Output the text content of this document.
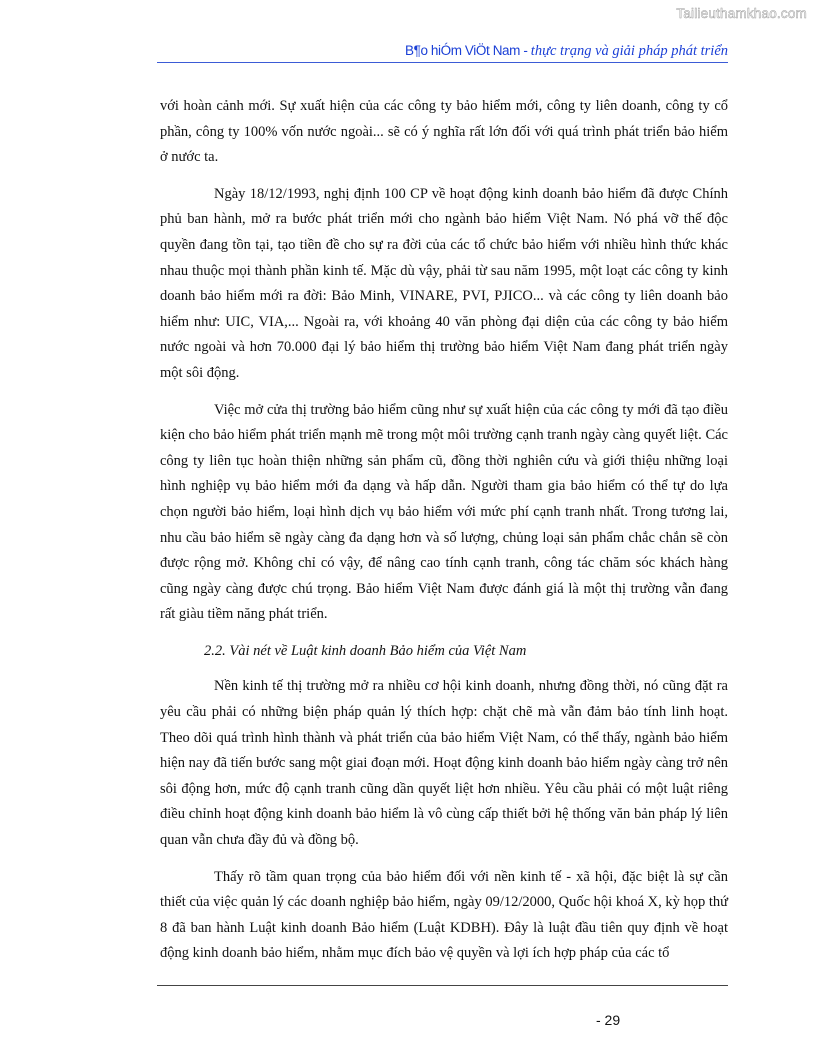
Tailieuthamkhao.com
B¶o hiÓm ViÖt Nam - thực trạng và giải pháp phát triển

với hoàn cảnh mới. Sự xuất hiện của các công ty bảo hiểm mới, công ty liên doanh, công ty cổ phần, công ty 100% vốn nước ngoài... sẽ có ý nghĩa rất lớn đối với quá trình phát triển bảo hiểm ở nước ta.

Ngày 18/12/1993, nghị định 100 CP về hoạt động kinh doanh bảo hiểm đã được Chính phủ ban hành, mở ra bước phát triển mới cho ngành bảo hiểm Việt Nam. Nó phá vỡ thế độc quyền đang tồn tại, tạo tiền đề cho sự ra đời của các tổ chức bảo hiểm với nhiều hình thức khác nhau thuộc mọi thành phần kinh tế. Mặc dù vậy, phải từ sau năm 1995, một loạt các công ty kinh doanh bảo hiểm mới ra đời: Bảo Minh, VINARE, PVI, PJICO... và các công ty liên doanh bảo hiểm như: UIC, VIA,... Ngoài ra, với khoảng 40 văn phòng đại diện của các công ty bảo hiểm nước ngoài và hơn 70.000 đại lý bảo hiểm thị trường bảo hiểm Việt Nam đang phát triển ngày một sôi động.

Việc mở cửa thị trường bảo hiểm cũng như sự xuất hiện của các công ty mới đã tạo điều kiện cho bảo hiểm phát triển mạnh mẽ trong một môi trường cạnh tranh ngày càng quyết liệt. Các công ty liên tục hoàn thiện những sản phẩm cũ, đồng thời nghiên cứu và giới thiệu những loại hình nghiệp vụ bảo hiểm mới đa dạng và hấp dẫn. Người tham gia bảo hiểm có thể tự do lựa chọn người bảo hiểm, loại hình dịch vụ bảo hiểm với mức phí cạnh tranh nhất. Trong tương lai, nhu cầu bảo hiểm sẽ ngày càng đa dạng hơn và số lượng, chủng loại sản phẩm chắc chắn sẽ còn được rộng mở. Không chỉ có vậy, để nâng cao tính cạnh tranh, công tác chăm sóc khách hàng cũng ngày càng được chú trọng. Bảo hiểm Việt Nam được đánh giá là một thị trường vẫn đang rất giàu tiềm năng phát triển.

2.2. Vài nét về Luật kinh doanh Bảo hiểm của Việt Nam

Nền kinh tế thị trường mở ra nhiều cơ hội kinh doanh, nhưng đồng thời, nó cũng đặt ra yêu cầu phải có những biện pháp quản lý thích hợp: chặt chẽ mà vẫn đảm bảo tính linh hoạt. Theo dõi quá trình hình thành và phát triển của bảo hiểm Việt Nam, có thể thấy, ngành bảo hiểm hiện nay đã tiến bước sang một giai đoạn mới. Hoạt động kinh doanh bảo hiểm ngày càng trở nên sôi động hơn, mức độ cạnh tranh cũng dần quyết liệt hơn nhiều. Yêu cầu phải có một luật riêng điều chỉnh hoạt động kinh doanh bảo hiểm là vô cùng cấp thiết bởi hệ thống văn bản pháp lý liên quan vẫn chưa đầy đủ và đồng bộ.

Thấy rõ tầm quan trọng của bảo hiểm đối với nền kinh tế - xã hội, đặc biệt là sự cần thiết của việc quản lý các doanh nghiệp bảo hiểm, ngày 09/12/2000, Quốc hội khoá X, kỳ họp thứ 8 đã ban hành Luật kinh doanh Bảo hiểm (Luật KDBH). Đây là luật đầu tiên quy định về hoạt động kinh doanh bảo hiểm, nhằm mục đích bảo vệ quyền và lợi ích hợp pháp của các tổ

- 29
